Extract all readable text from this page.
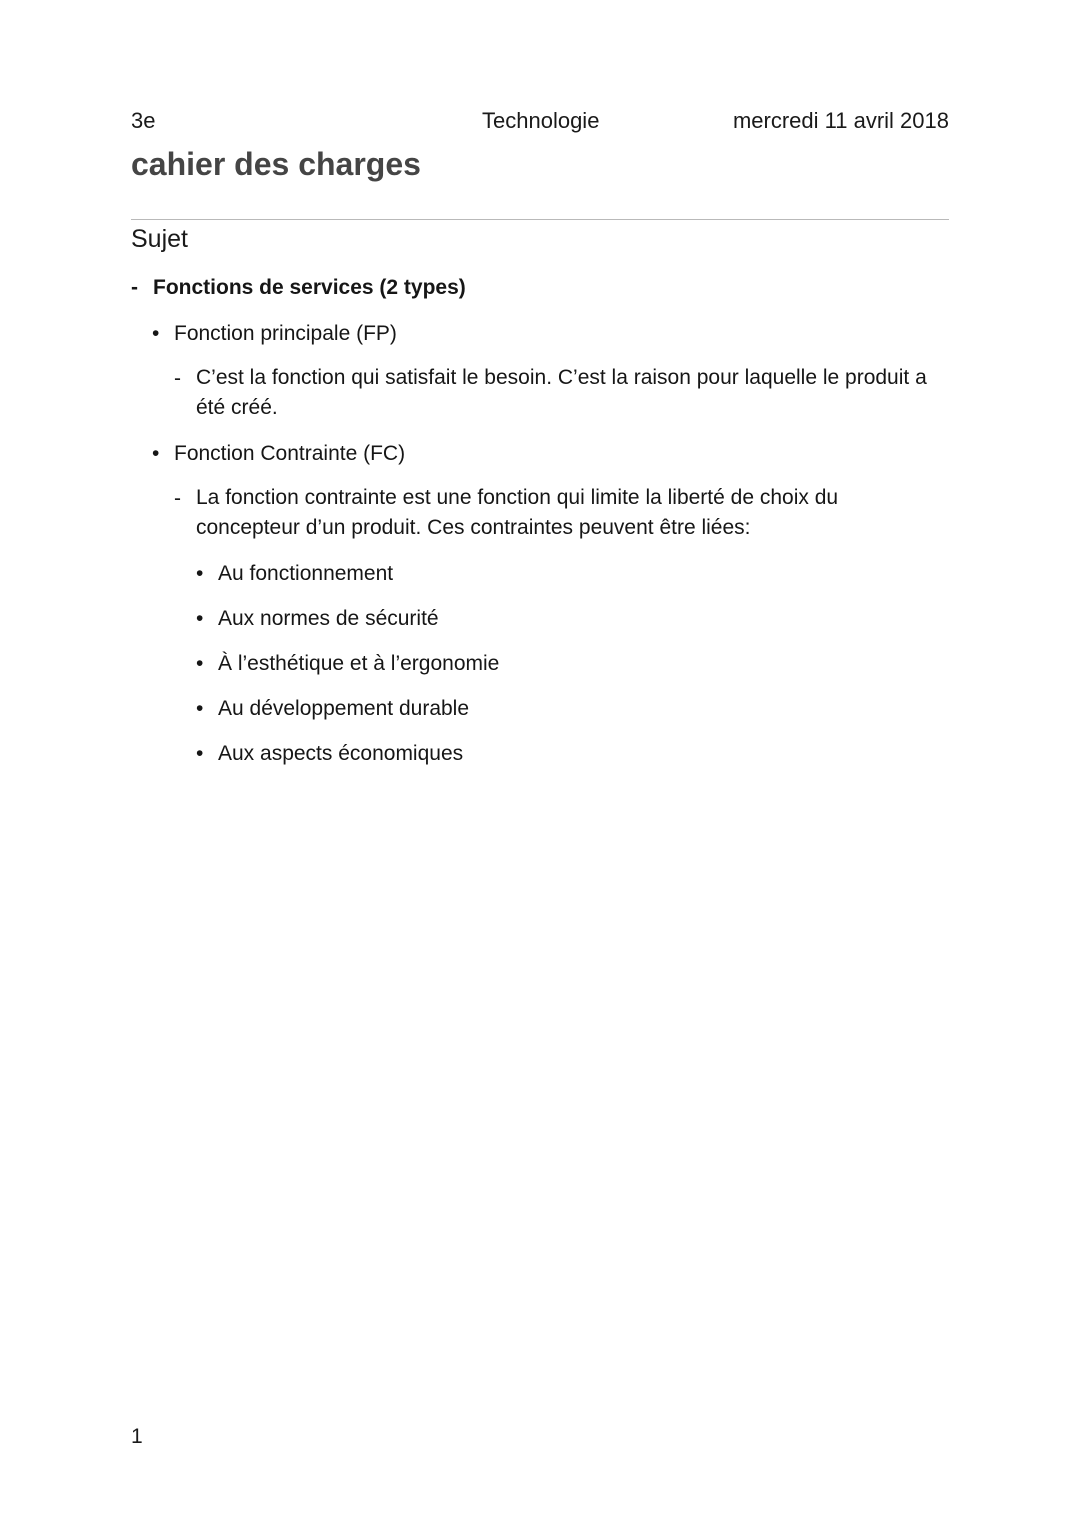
3e	Technologie	mercredi 11 avril 2018
cahier des charges
Sujet
- Fonctions de services (2 types)
• Fonction principale (FP)
- C’est la fonction qui satisfait le besoin. C’est la raison pour laquelle le produit a été créé.
• Fonction Contrainte (FC)
- La fonction contrainte est une fonction qui limite la liberté de choix du concepteur d’un produit. Ces contraintes peuvent être liées:
• Au fonctionnement
• Aux normes de sécurité
• À l’esthétique et à l’ergonomie
• Au développement durable
• Aux aspects économiques
1
